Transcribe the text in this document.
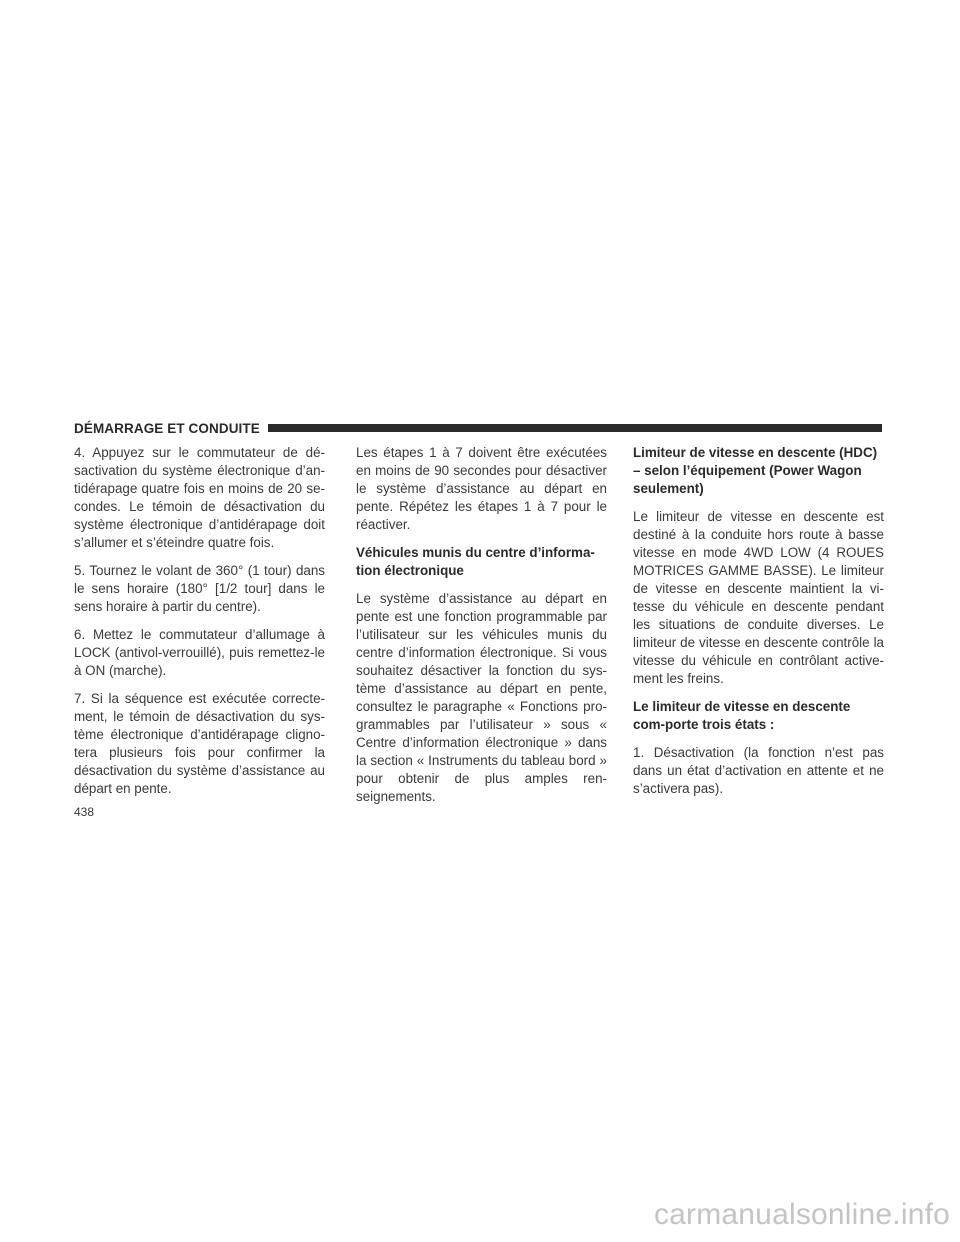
DÉMARRAGE ET CONDUITE

4. Appuyez sur le commutateur de dé-sactivation du système électronique d’an-tidérapage quatre fois en moins de 20 se-condes. Le témoin de désactivation du système électronique d’antidérapage doit s’allumer et s’éteindre quatre fois.

5. Tournez le volant de 360° (1 tour) dans le sens horaire (180° [1/2 tour] dans le sens horaire à partir du centre).

6. Mettez le commutateur d’allumage à LOCK (antivol-verrouillé), puis remettez-le à ON (marche).

7. Si la séquence est exécutée correcte-ment, le témoin de désactivation du sys-tème électronique d’antidérapage cligno-tera plusieurs fois pour confirmer la désactivation du système d’assistance au départ en pente.

Les étapes 1 à 7 doivent être exécutées en moins de 90 secondes pour désactiver le système d’assistance au départ en pente. Répétez les étapes 1 à 7 pour le réactiver.

Véhicules munis du centre d’informa-tion électronique

Le système d’assistance au départ en pente est une fonction programmable par l’utilisateur sur les véhicules munis du centre d’information électronique. Si vous souhaitez désactiver la fonction du sys-tème d’assistance au départ en pente, consultez le paragraphe « Fonctions pro-grammables par l’utilisateur » sous « Centre d’information électronique » dans la section « Instruments du tableau bord » pour obtenir de plus amples ren-seignements.

Limiteur de vitesse en descente (HDC) – selon l’équipement (Power Wagon seulement)

Le limiteur de vitesse en descente est destiné à la conduite hors route à basse vitesse en mode 4WD LOW (4 ROUES MOTRICES GAMME BASSE). Le limiteur de vitesse en descente maintient la vi-tesse du véhicule en descente pendant les situations de conduite diverses. Le limiteur de vitesse en descente contrôle la vitesse du véhicule en contrôlant active-ment les freins.

Le limiteur de vitesse en descente com-porte trois états :

1. Désactivation (la fonction n’est pas dans un état d’activation en attente et ne s’activera pas).

438
carmanualsonline.info
